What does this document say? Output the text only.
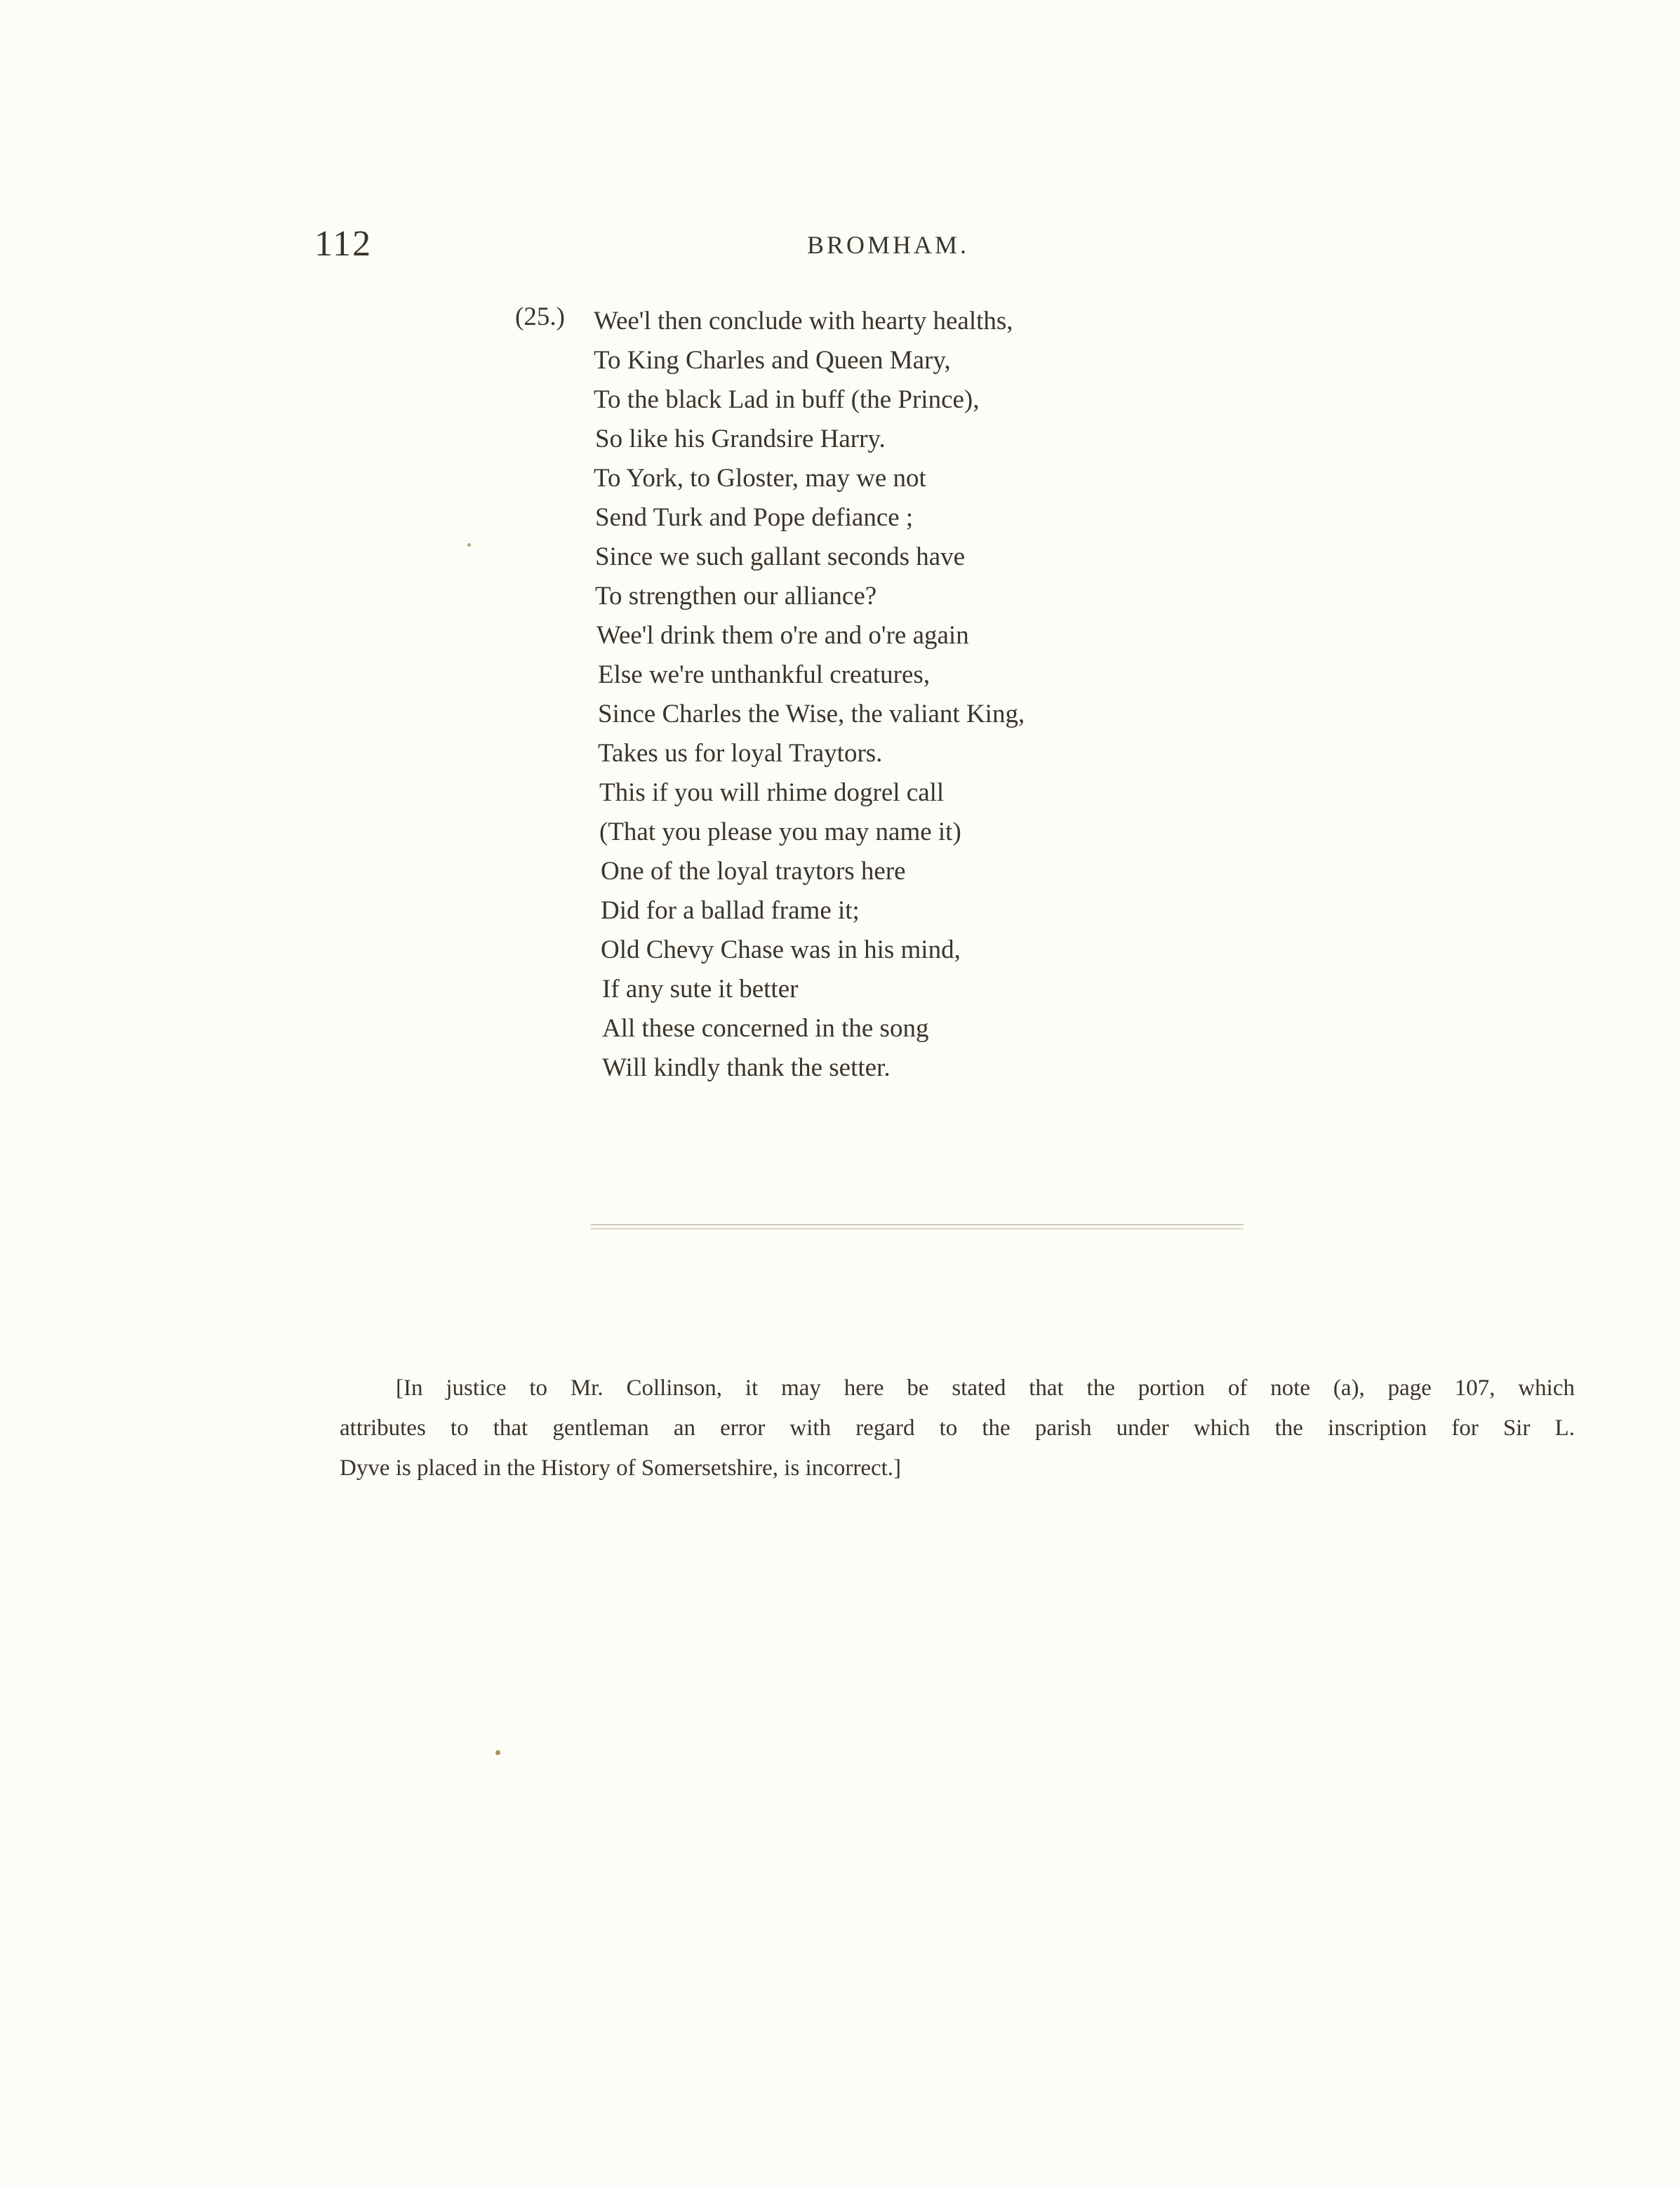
112	BROMHAM.
(25.) Wee'l then conclude with hearty healths,
To King Charles and Queen Mary,
To the black Lad in buff (the Prince),
So like his Grandsire Harry.
To York, to Gloster, may we not
Send Turk and Pope defiance ;
Since we such gallant seconds have
To strengthen our alliance?
Wee'l drink them o're and o're again
Else we're unthankful creatures,
Since Charles the Wise, the valiant King,
Takes us for loyal Traytors.
This if you will rhime dogrel call
(That you please you may name it)
One of the loyal traytors here
Did for a ballad frame it;
Old Chevy Chase was in his mind,
If any sute it better
All these concerned in the song
Will kindly thank the setter.
[In justice to Mr. Collinson, it may here be stated that the portion of note (a), page 107, which
attributes to that gentleman an error with regard to the parish under which the inscription for Sir L.
Dyve is placed in the History of Somersetshire, is incorrect.]
